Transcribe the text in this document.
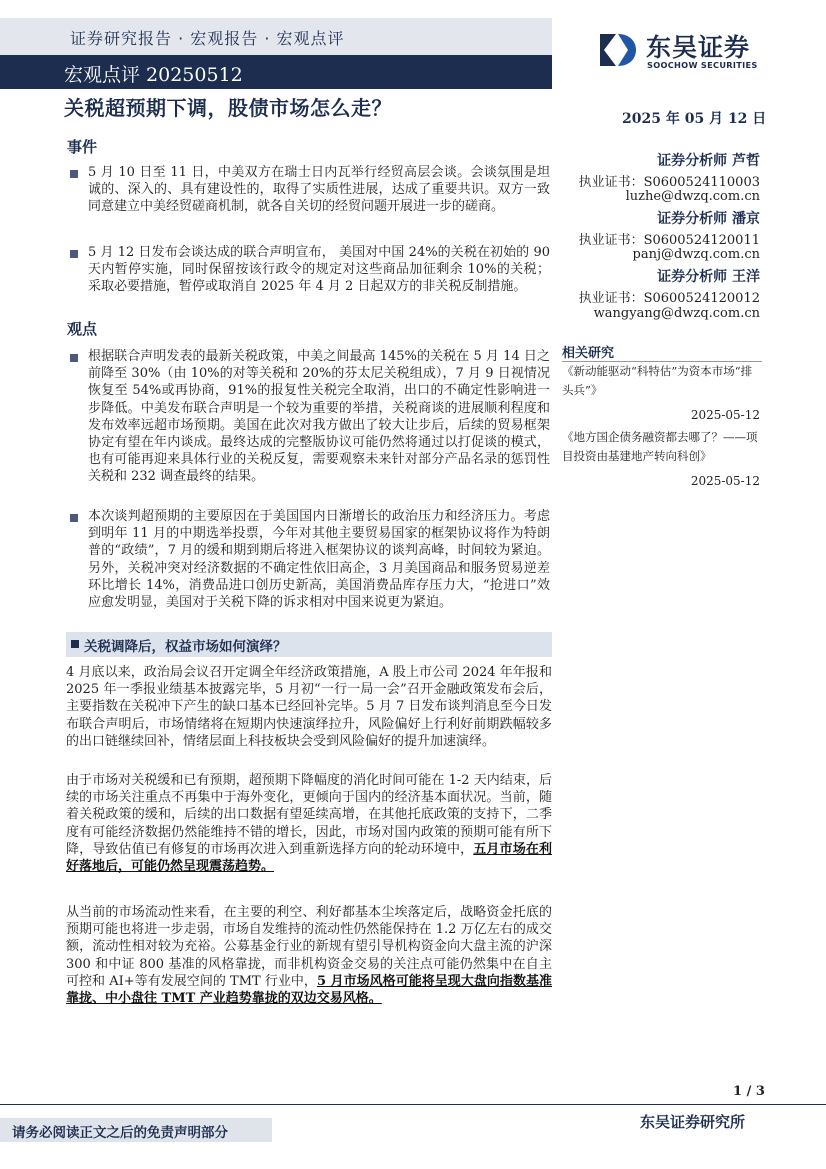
证券研究报告 · 宏观报告 · 宏观点评
宏观点评 20250512
东吴证券
SOOCHOW SECURITIES
关税超预期下调，股债市场怎么走？	2025 年 05 月 12 日
事件
5 月 10 日至 11 日，中美双方在瑞士日内瓦举行经贸高层会谈。会谈氛围是坦诚的、深入的、具有建设性的，取得了实质性进展，达成了重要共识。双方一致同意建立中美经贸磋商机制，就各自关切的经贸问题开展进一步的磋商。
5 月 12 日发布会谈达成的联合声明宣布， 美国对中国 24%的关税在初始的 90 天内暂停实施，同时保留按该行政令的规定对这些商品加征剩余 10%的关税；采取必要措施，暂停或取消自 2025 年 4 月 2 日起双方的非关税反制措施。
观点
根据联合声明发表的最新关税政策，中美之间最高 145%的关税在 5 月 14 日之前降至 30%（由 10%的对等关税和 20%的芬太尼关税组成），7 月 9 日视情况恢复至 54%或再协商，91%的报复性关税完全取消，出口的不确定性影响进一步降低。中美发布联合声明是一个较为重要的举措，关税商谈的进展顺利程度和发布效率远超市场预期。美国在此次对我方做出了较大让步后，后续的贸易框架协定有望在年内谈成。最终达成的完整版协议可能仍然将通过以打促谈的模式，也有可能再迎来具体行业的关税反复，需要观察未来针对部分产品名录的惩罚性关税和 232 调查最终的结果。
本次谈判超预期的主要原因在于美国国内日渐增长的政治压力和经济压力。考虑到明年 11 月的中期选举投票，今年对其他主要贸易国家的框架协议将作为特朗普的“政绩”，7 月的缓和期到期后将进入框架协议的谈判高峰，时间较为紧迫。另外，关税冲突对经济数据的不确定性依旧高企，3 月美国商品和服务贸易逆差环比增长 14%，消费品进口创历史新高，美国消费品库存压力大，“抢进口”效应愈发明显，美国对于关税下降的诉求相对中国来说更为紧迫。
关税调降后，权益市场如何演绎？
4 月底以来，政治局会议召开定调全年经济政策措施，A 股上市公司 2024 年年报和 2025 年一季报业绩基本披露完毕，5 月初“一行一局一会”召开金融政策发布会后，主要指数在关税冲下产生的缺口基本已经回补完毕。5 月 7 日发布谈判消息至今日发布联合声明后，市场情绪将在短期内快速演绎拉升，风险偏好上行利好前期跌幅较多的出口链继续回补，情绪层面上科技板块会受到风险偏好的提升加速演绎。
由于市场对关税缓和已有预期，超预期下降幅度的消化时间可能在 1-2 天内结束，后续的市场关注重点不再集中于海外变化，更倾向于国内的经济基本面状况。当前，随着关税政策的缓和，后续的出口数据有望延续高增，在其他托底政策的支持下，二季度有可能经济数据仍然能维持不错的增长，因此，市场对国内政策的预期可能有所下降，导致估值已有修复的市场再次进入到重新选择方向的轮动环境中，五月市场在利好落地后，可能仍然呈现震荡趋势。
从当前的市场流动性来看，在主要的利空、利好都基本尘埃落定后，战略资金托底的预期可能也将进一步走弱，市场自发维持的流动性仍然能保持在 1.2 万亿左右的成交额，流动性相对较为充裕。公募基金行业的新规有望引导机构资金向大盘主流的沪深 300 和中证 800 基准的风格靠拢，而非机构资金交易的关注点可能仍然集中在自主可控和 AI+等有发展空间的 TMT 行业中，5 月市场风格可能将呈现大盘向指数基准靠拢、中小盘往 TMT 产业趋势靠拢的双边交易风格。
证券分析师 芦哲
执业证书：S0600524110003
luzhe@dwzq.com.cn
证券分析师 潘京
执业证书：S0600524120011
panj@dwzq.com.cn
证券分析师 王洋
执业证书：S0600524120012
wangyang@dwzq.com.cn
相关研究
《新动能驱动“科特估”为资本市场“排头兵”》
2025-05-12
《地方国企债务融资都去哪了？——项目投资由基建地产转向科创》
2025-05-12
1 / 3
请务必阅读正文之后的免责声明部分
东吴证券研究所
